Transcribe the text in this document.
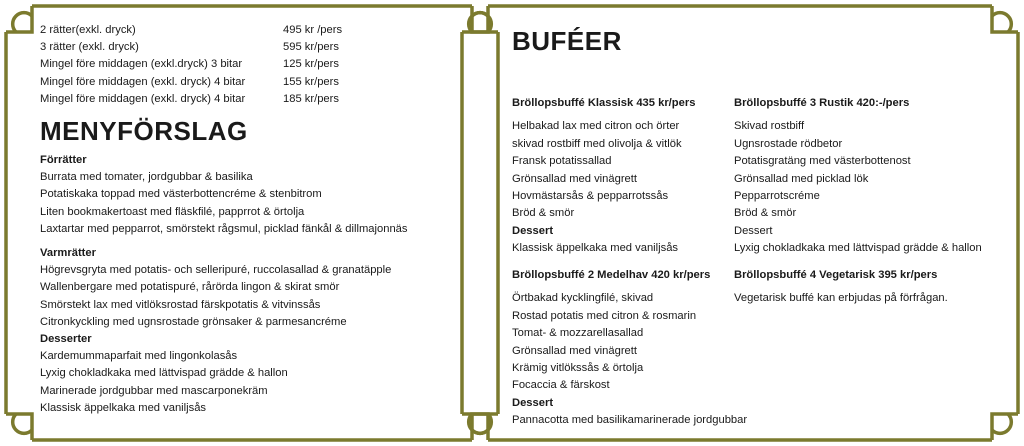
2 rätter(exkl. dryck)	495 kr /pers
3 rätter (exkl. dryck)	595 kr/pers
Mingel före middagen (exkl.dryck) 3 bitar	125 kr/pers
Mingel före middagen (exkl. dryck) 4 bitar	155 kr/pers
Mingel före middagen (exkl. dryck) 4 bitar	185 kr/pers
MENYFÖRSLAG
Förrätter
Burrata med tomater, jordgubbar & basilika
Potatiskaka toppad med västerbottencréme & stenbitrom
Liten bookmakertoast med fläskfilé, papprrot & örtolja
Laxtartar med pepparrot, smörstekt rågsmul, picklad fänkål & dillmajonnäs
Varmrätter
Högrevsgryta med potatis- och selleripuré, ruccolasallad & granatäpple
Wallenbergare med potatispuré, rårörda lingon & skirat smör
Smörstekt lax med vitlöksrostad färskpotatis & vitvinssås
Citronkyckling med ugnsrostade grönsaker & parmesancréme
Desserter
Kardemummaparfait med lingonkolasås
Lyxig chokladkaka med lättvispad grädde & hallon
Marinerade jordgubbar med mascarponekräm
Klassisk äppelkaka med vaniljsås
BUFÉER
Bröllopsbuffé Klassisk 435 kr/pers
Helbakad lax med citron och örter
skivad rostbiff med olivolja & vitlök
Fransk potatissallad
Grönsallad med vinägrett
Hovmästarsås & pepparrotssås
Bröd & smör
Dessert
Klassisk äppelkaka med vaniljsås
Bröllopsbuffé 3 Rustik 420:-/pers
Skivad rostbiff
Ugnsrostade rödbetor
Potatisgratäng med västerbottenost
Grönsallad med picklad lök
Pepparrotscréme
Bröd & smör
Dessert
Lyxig chokladkaka med lättvispad grädde & hallon
Bröllopsbuffé 2 Medelhav 420 kr/pers
Örtbakad kycklingfilé, skivad
Rostad potatis med citron & rosmarin
Tomat- & mozzarellasallad
Grönsallad med vinägrett
Krämig vitlökssås & örtolja
Focaccia & färskost
Dessert
Pannacotta med basilikamarinerade jordgubbar
Bröllopsbuffé 4 Vegetarisk 395 kr/pers
Vegetarisk buffé kan erbjudas på förfrågan.
